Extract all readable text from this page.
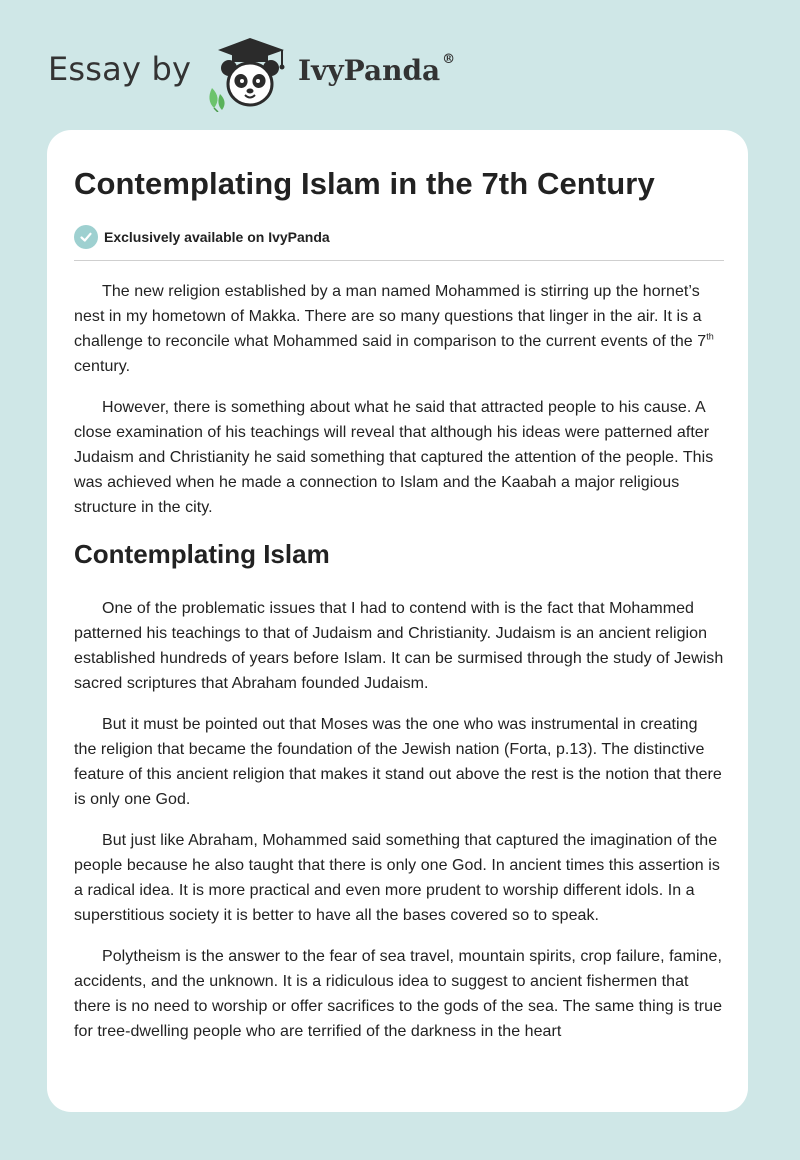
Essay by	IvyPanda ®
Contemplating Islam in the 7th Century
Exclusively available on IvyPanda

The new religion established by a man named Mohammed is stirring up the hornet’s nest in my hometown of Makka. There are so many questions that linger in the air. It is a challenge to reconcile what Mohammed said in comparison to the current events of the 7th century.

However, there is something about what he said that attracted people to his cause. A close examination of his teachings will reveal that although his ideas were patterned after Judaism and Christianity he said something that captured the attention of the people. This was achieved when he made a connection to Islam and the Kaabah a major religious structure in the city.

Contemplating Islam

One of the problematic issues that I had to contend with is the fact that Mohammed patterned his teachings to that of Judaism and Christianity. Judaism is an ancient religion established hundreds of years before Islam. It can be surmised through the study of Jewish sacred scriptures that Abraham founded Judaism.

But it must be pointed out that Moses was the one who was instrumental in creating the religion that became the foundation of the Jewish nation (Forta, p.13). The distinctive feature of this ancient religion that makes it stand out above the rest is the notion that there is only one God.

But just like Abraham, Mohammed said something that captured the imagination of the people because he also taught that there is only one God. In ancient times this assertion is a radical idea. It is more practical and even more prudent to worship different idols. In a superstitious society it is better to have all the bases covered so to speak.

Polytheism is the answer to the fear of sea travel, mountain spirits, crop failure, famine, accidents, and the unknown. It is a ridiculous idea to suggest to ancient fishermen that there is no need to worship or offer sacrifices to the gods of the sea. The same thing is true for tree-dwelling people who are terrified of the darkness in the heart
